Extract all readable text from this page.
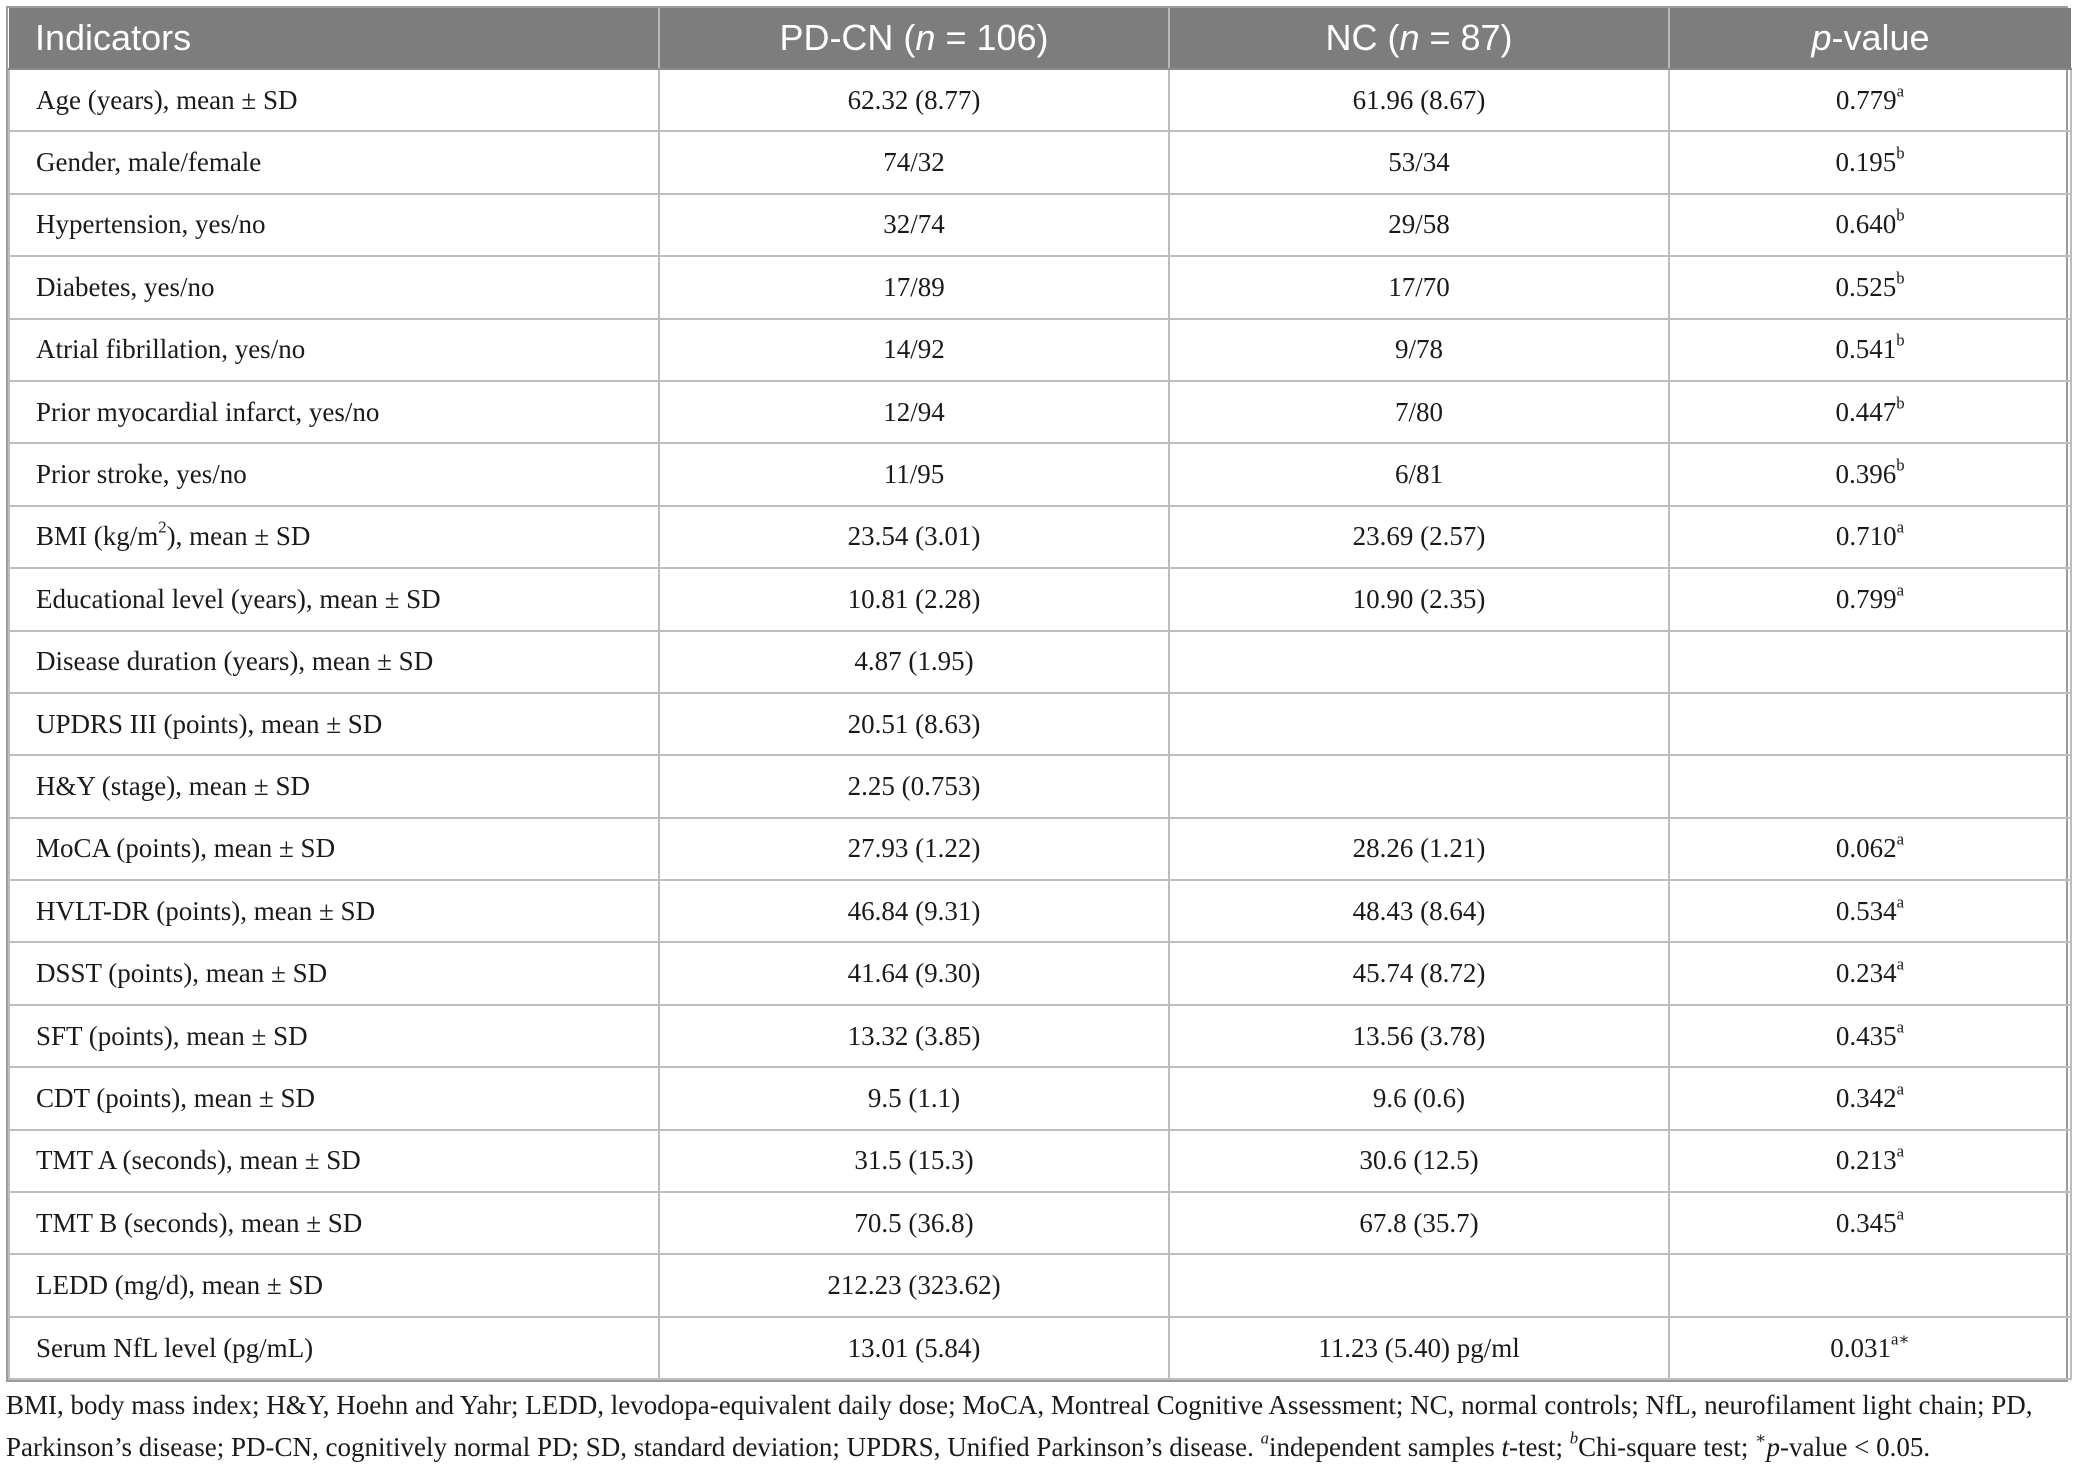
Indicators	PD-CN (n = 106)	NC (n = 87)	p-value
Age (years), mean ± SD	62.32 (8.77)	61.96 (8.67)	0.779$^a$
Gender, male/female	74/32	53/34	0.195$^b$
Hypertension, yes/no	32/74	29/58	0.640$^b$
Diabetes, yes/no	17/89	17/70	0.525$^b$
Atrial fibrillation, yes/no	14/92	9/78	0.541$^b$
Prior myocardial infarct, yes/no	12/94	7/80	0.447$^b$
Prior stroke, yes/no	11/95	6/81	0.396$^b$
BMI $(kg/m^2)$, mean ± SD	23.54 (3.01)	23.69 (2.57)	0.710$^a$
Educational level (years), mean ± SD	10.81 (2.28)	10.90 (2.35)	0.799$^a$
Disease duration (years), mean ± SD	4.87 (1.95)		
UPDRS III (points), mean ± SD	20.51 (8.63)		
H&Y (stage), mean ± SD	2.25 (0.753)		
MoCA (points), mean ± SD	27.93 (1.22)	28.26 (1.21)	0.062$^a$
HVLT-DR (points), mean ± SD	46.84 (9.31)	48.43 (8.64)	0.534$^a$
DSST (points), mean ± SD	41.64 (9.30)	45.74 (8.72)	0.234$^a$
SFT (points), mean ± SD	13.32 (3.85)	13.56 (3.78)	0.435$^a$
CDT (points), mean ± SD	9.5 (1.1)	9.6 (0.6)	0.342$^a$
TMT A (seconds), mean ± SD	31.5 (15.3)	30.6 (12.5)	0.213$^a$
TMT B (seconds), mean ± SD	70.5 (36.8)	67.8 (35.7)	0.345$^a$
LEDD (mg/d), mean ± SD	212.23 (323.62)		
Serum NfL level (pg/mL)	13.01 (5.84)	11.23 (5.40) pg/ml	$0.031^{a∗}$
BMI, body mass index; H&Y, Hoehn and Yahr; LEDD, levodopa-equivalent daily dose; MoCA, Montreal Cognitive Assessment; NC, normal controls; NfL, neurofilament light chain; PD, Parkinson’s disease; PD-CN, cognitively normal PD; SD, standard deviation; UPDRS, Unified Parkinson’s disease. $^a$independent samples t-test; $^b$Chi-square test; ∗p-value < 0.05.
